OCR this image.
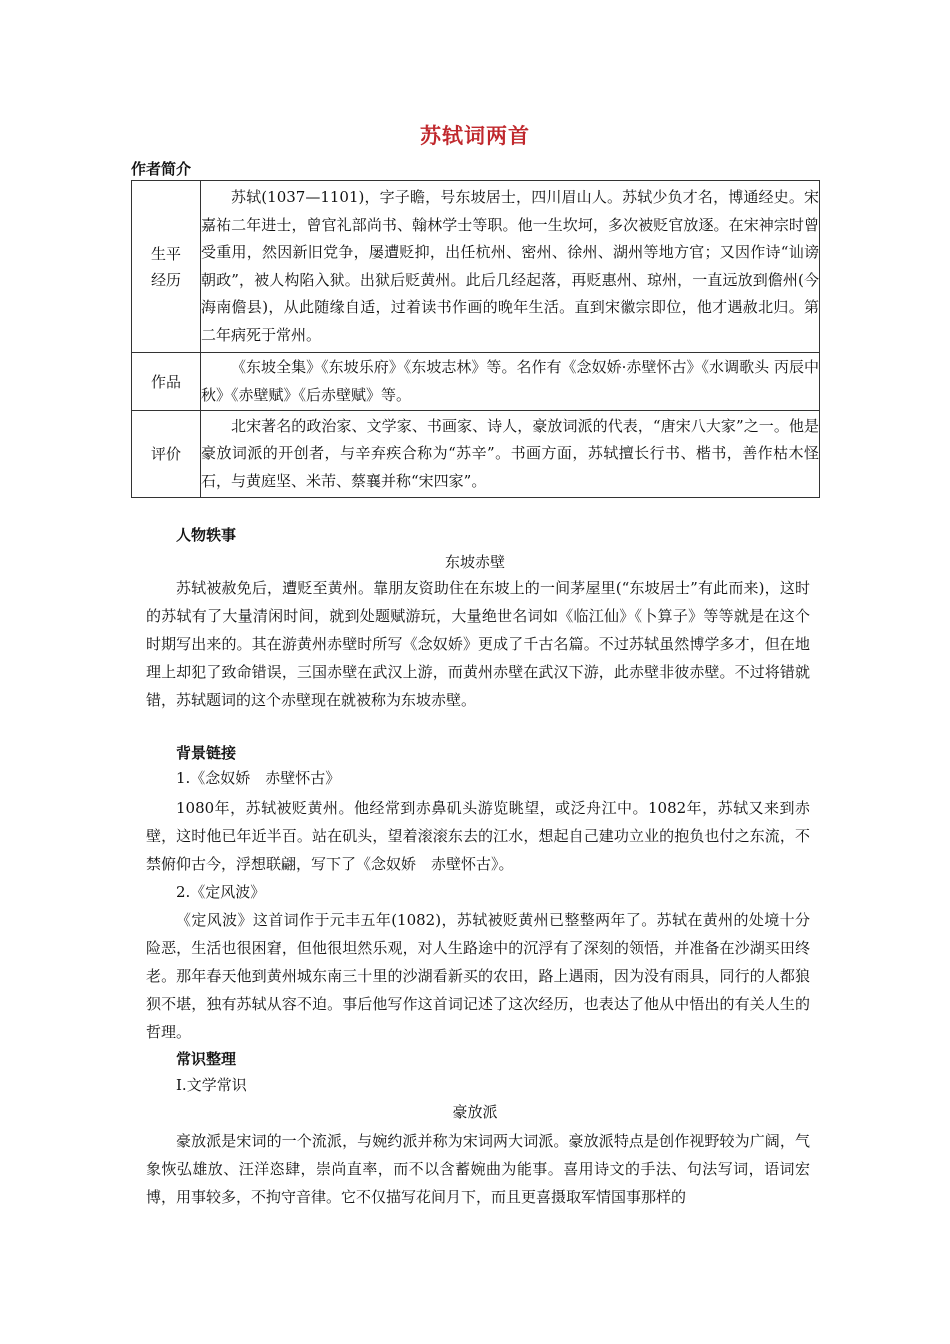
苏轼词两首
作者简介
生平经历	苏轼(1037—1101)，字子瞻，号东坡居士，四川眉山人。苏轼少负才名，博通经史。宋嘉祐二年进士，曾官礼部尚书、翰林学士等职。他一生坎坷，多次被贬官放逐。在宋神宗时曾受重用，然因新旧党争，屡遭贬抑，出任杭州、密州、徐州、湖州等地方官；又因作诗“讪谤朝政”，被人构陷入狱。出狱后贬黄州。此后几经起落，再贬惠州、琼州，一直远放到儋州(今海南儋县)，从此随缘自适，过着读书作画的晚年生活。直到宋徽宗即位，他才遇赦北归。第二年病死于常州。
作品	《东坡全集》《东坡乐府》《东坡志林》等。名作有《念奴娇·赤壁怀古》《水调歌头 丙辰中秋》《赤壁赋》《后赤壁赋》等。
评价	北宋著名的政治家、文学家、书画家、诗人，豪放词派的代表，“唐宋八大家”之一。他是豪放词派的开创者，与辛弃疾合称为“苏辛”。书画方面，苏轼擅长行书、楷书，善作枯木怪石，与黄庭坚、米芾、蔡襄并称“宋四家”。
人物轶事

东坡赤壁

苏轼被赦免后，遭贬至黄州。靠朋友资助住在东坡上的一间茅屋里(“东坡居士”有此而来)，这时的苏轼有了大量清闲时间，就到处题赋游玩，大量绝世名词如《临江仙》《卜算子》等等就是在这个时期写出来的。其在游黄州赤壁时所写《念奴娇》更成了千古名篇。不过苏轼虽然博学多才，但在地理上却犯了致命错误，三国赤壁在武汉上游，而黄州赤壁在武汉下游，此赤壁非彼赤壁。不过将错就错，苏轼题词的这个赤壁现在就被称为东坡赤壁。

背景链接

1.《念奴娇　赤壁怀古》

1080年，苏轼被贬黄州。他经常到赤鼻矶头游览眺望，或泛舟江中。1082年，苏轼又来到赤壁，这时他已年近半百。站在矶头，望着滚滚东去的江水，想起自己建功立业的抱负也付之东流，不禁俯仰古今，浮想联翩，写下了《念奴娇　赤壁怀古》。

2.《定风波》

《定风波》这首词作于元丰五年(1082)，苏轼被贬黄州已整整两年了。苏轼在黄州的处境十分险恶，生活也很困窘，但他很坦然乐观，对人生路途中的沉浮有了深刻的领悟，并准备在沙湖买田终老。那年春天他到黄州城东南三十里的沙湖看新买的农田，路上遇雨，因为没有雨具，同行的人都狼狈不堪，独有苏轼从容不迫。事后他写作这首词记述了这次经历，也表达了他从中悟出的有关人生的哲理。

常识整理

Ⅰ.文学常识

豪放派

豪放派是宋词的一个流派，与婉约派并称为宋词两大词派。豪放派特点是创作视野较为广阔，气象恢弘雄放、汪洋恣肆，崇尚直率，而不以含蓄婉曲为能事。喜用诗文的手法、句法写词，语词宏博，用事较多，不拘守音律。它不仅描写花间月下，而且更喜摄取军情国事那样的
